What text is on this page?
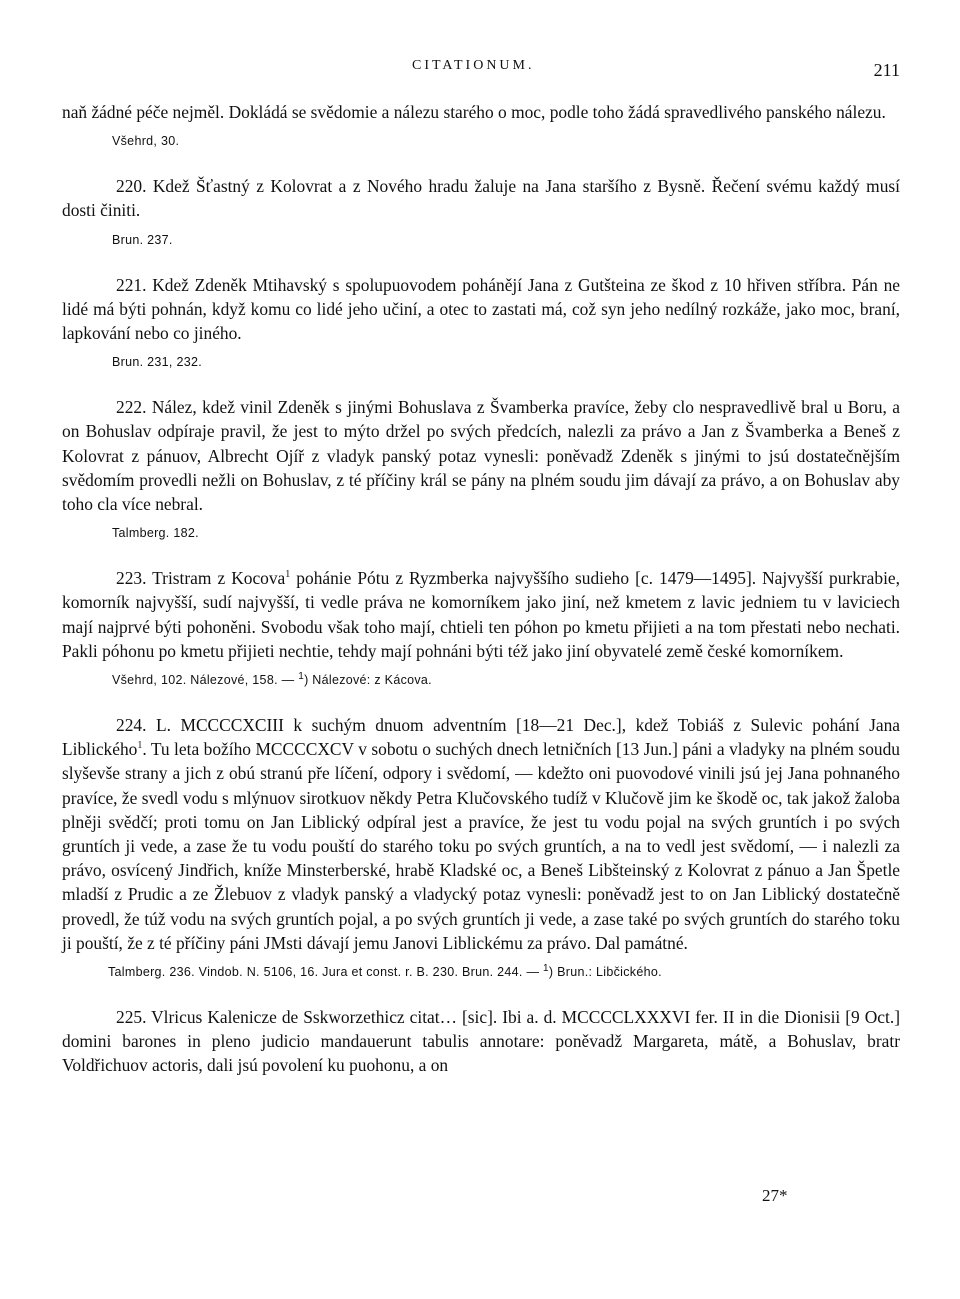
CITATIONUM.	211

naň žádné péče nejměl. Dokládá se svědomie a nálezu starého o moc, podle toho žádá spravedlivého panského nálezu.

Všehrd, 30.

220. Kdež Šťastný z Kolovrat a z Nového hradu žaluje na Jana staršího z Bysně. Řečení svému každý musí dosti činiti.

Brun. 237.

221. Kdež Zdeněk Mtihavský s spolupuovodem pohánějí Jana z Gutšteina ze škod z 10 hřiven stříbra. Pán ne lidé má býti pohnán, když komu co lidé jeho učiní, a otec to zastati má, což syn jeho nedílný rozkáže, jako moc, braní, lapkování nebo co jiného.

Brun. 231, 232.

222. Nález, kdež vinil Zdeněk s jinými Bohuslava z Švamberka pravíce, žeby clo nespravedlivě bral u Boru, a on Bohuslav odpíraje pravil, že jest to mýto držel po svých předcích, nalezli za právo a Jan z Švamberka a Beneš z Kolovrat z pánuov, Albrecht Ojíř z vladyk panský potaz vynesli: poněvadž Zdeněk s jinými to jsú dostatečnějším svědomím provedli nežli on Bohuslav, z té příčiny král se pány na plném soudu jim dávají za právo, a on Bohuslav aby toho cla více nebral.

Talmberg. 182.

223. Tristram z Kocova$^1$ pohánie Pótu z Ryzmberka najvyššího sudieho [c. 1479—1495]. Najvyšší purkrabie, komorník najvyšší, sudí najvyšší, ti vedle práva ne komorníkem jako jiní, než kmetem z lavic jedniem tu v laviciech mají najprvé býti pohoněni. Svobodu však toho mají, chtieli ten póhon po kmetu přijieti a na tom přestati nebo nechati. Pakli póhonu po kmetu přijieti nechtie, tehdy mají pohnáni býti též jako jiní obyvatelé země české komorníkem.

Všehrd, 102. Nálezové, 158. — $^1$) Nálezové: z Kácova.

224. L. MCCCCXCIII k suchým dnuom adventním [18—21 Dec.], kdež Tobiáš z Sulevic pohání Jana Liblického$^1$. Tu leta božího MCCCCXCV v sobotu o suchých dnech letničních [13 Jun.] páni a vladyky na plném soudu slyševše strany a jich z obú stranú pře líčení, odpory i svědomí, — kdežto oni puovodové vinili jsú jej Jana pohnaného pravíce, že svedl vodu s mlýnuov sirotkuov někdy Petra Klučovského tudíž v Klučově jim ke škodě oc, tak jakož žaloba plněji svědčí; proti tomu on Jan Liblický odpíral jest a pravíce, že jest tu vodu pojal na svých gruntích i po svých gruntích ji vede, a zase že tu vodu pouští do starého toku po svých gruntích, a na to vedl jest svědomí, — i nalezli za právo, osvícený Jindřich, kníže Minsterberské, hrabě Kladské oc, a Beneš Libšteinský z Kolovrat z pánuo a Jan Špetle mladší z Prudic a ze Žlebuov z vladyk panský a vladycký potaz vynesli: poněvadž jest to on Jan Liblický dostatečně provedl, že túž vodu na svých gruntích pojal, a po svých gruntích ji vede, a zase také po svých gruntích do starého toku ji pouští, že z té příčiny páni JMsti dávají jemu Janovi Liblickému za právo. Dal památné.

Talmberg. 236. Vindob. N. 5106, 16. Jura et const. r. B. 230. Brun. 244. — $^1$) Brun.: Libčického.

225. Vlricus Kalenicze de Sskworzethicz citat… [sic]. Ibi a. d. MCCCCLXXXVI fer. II in die Dionisii [9 Oct.] domini barones in pleno judicio mandauerunt tabulis annotare: poněvadž Margareta, mátě, a Bohuslav, bratr Voldřichuov actoris, dali jsú povolení ku puohonu, a on

27*
